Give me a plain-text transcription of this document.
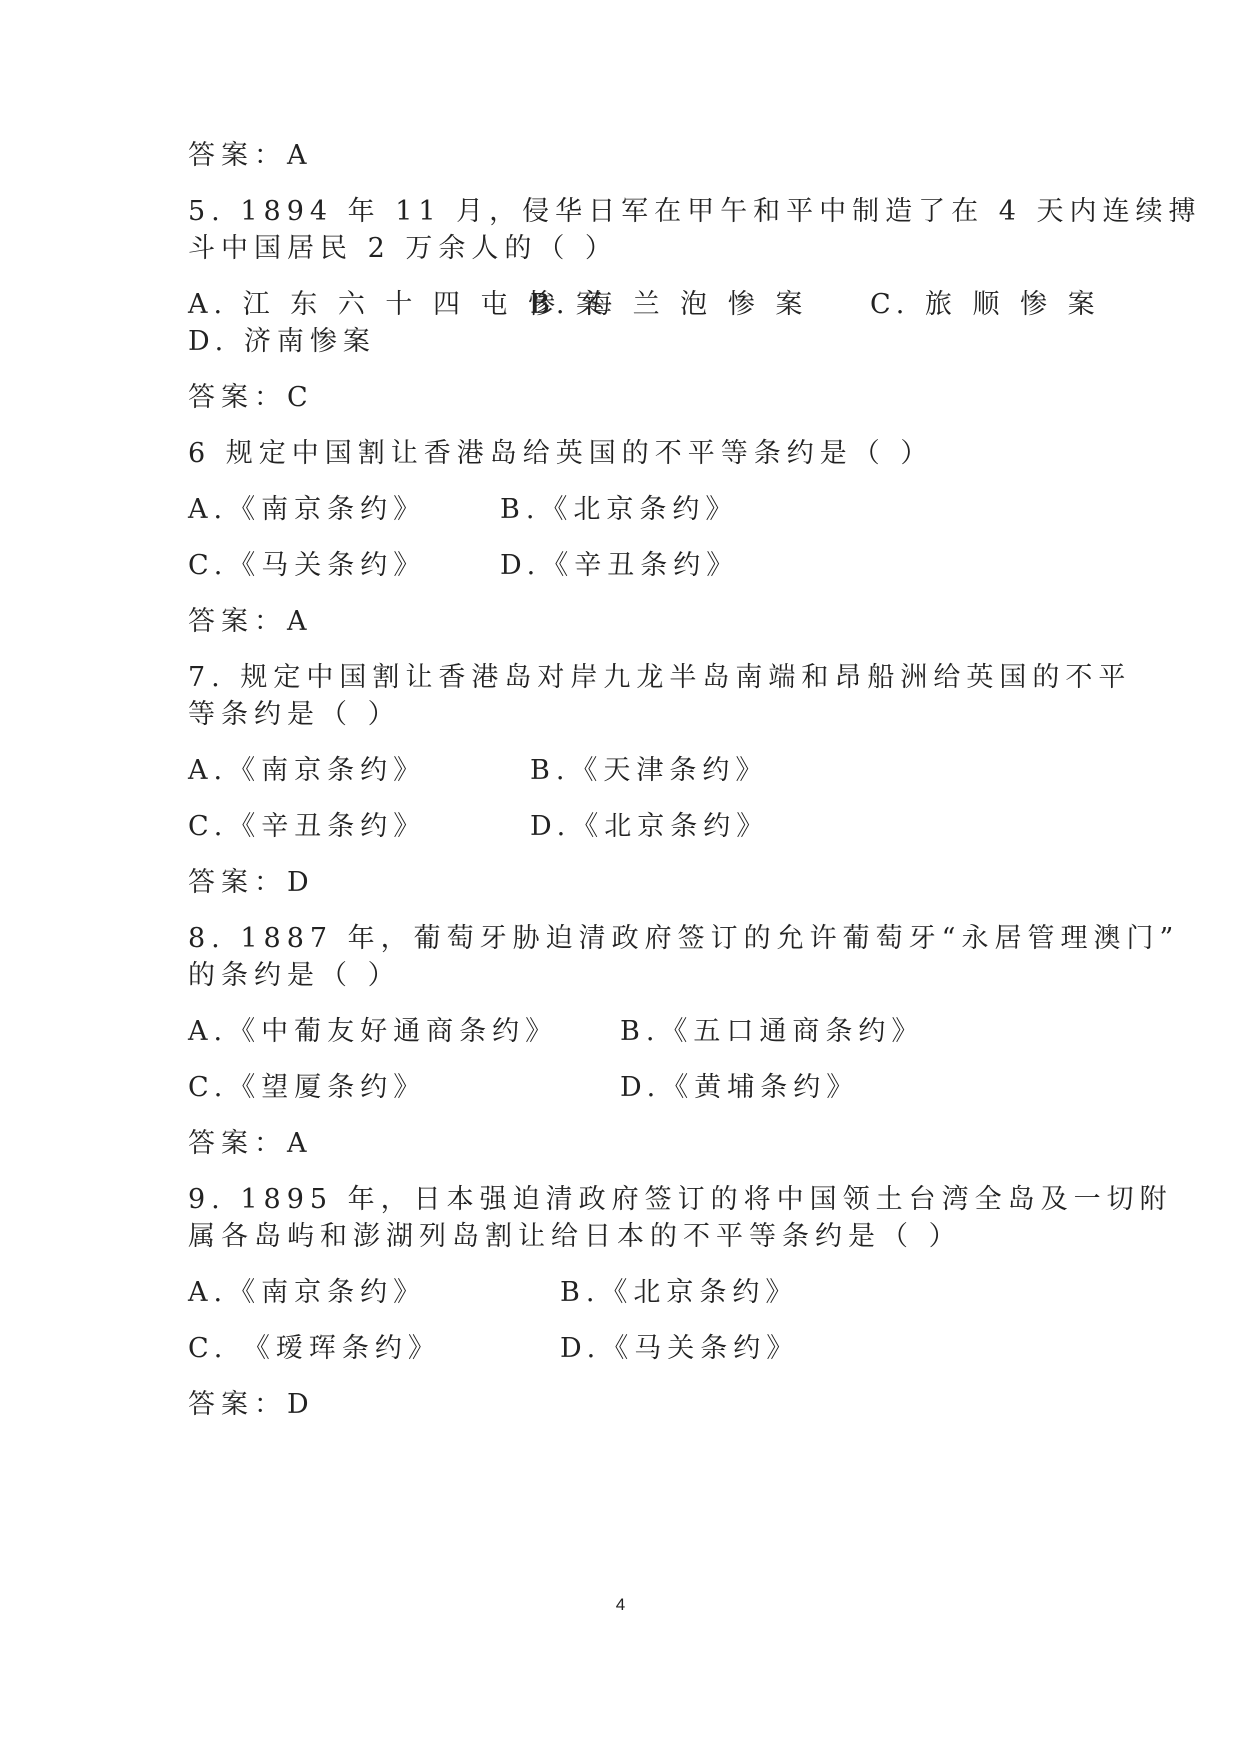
答案：A
5. 1894 年 11 月，侵华日军在甲午和平中制造了在 4 天内连续搏
斗中国居民 2 万余人的（ ）
A. 江 东 六 十 四 屯 惨 案
B. 海 兰 泡 惨 案 C. 旅 顺 惨 案
D. 济南惨案
答案：C
6 规定中国割让香港岛给英国的不平等条约是（ ）
A.《南京条约》	B.《北京条约》
C.《马关条约》	D.《辛丑条约》
答案：A
7. 规定中国割让香港岛对岸九龙半岛南端和昂船洲给英国的不平
等条约是（ ）
A.《南京条约》	B.《天津条约》
C.《辛丑条约》	D.《北京条约》
答案：D
8. 1887 年，葡萄牙胁迫清政府签订的允许葡萄牙“永居管理澳门”
的条约是（ ）
A.《中葡友好通商条约》 B.《五口通商条约》
C.《望厦条约》	D.《黄埔条约》
答案：A
9. 1895 年，日本强迫清政府签订的将中国领土台湾全岛及一切附
属各岛屿和澎湖列岛割让给日本的不平等条约是（ ）
A.《南京条约》	B.《北京条约》
C. 《瑷珲条约》	D.《马关条约》
答案：D
4
